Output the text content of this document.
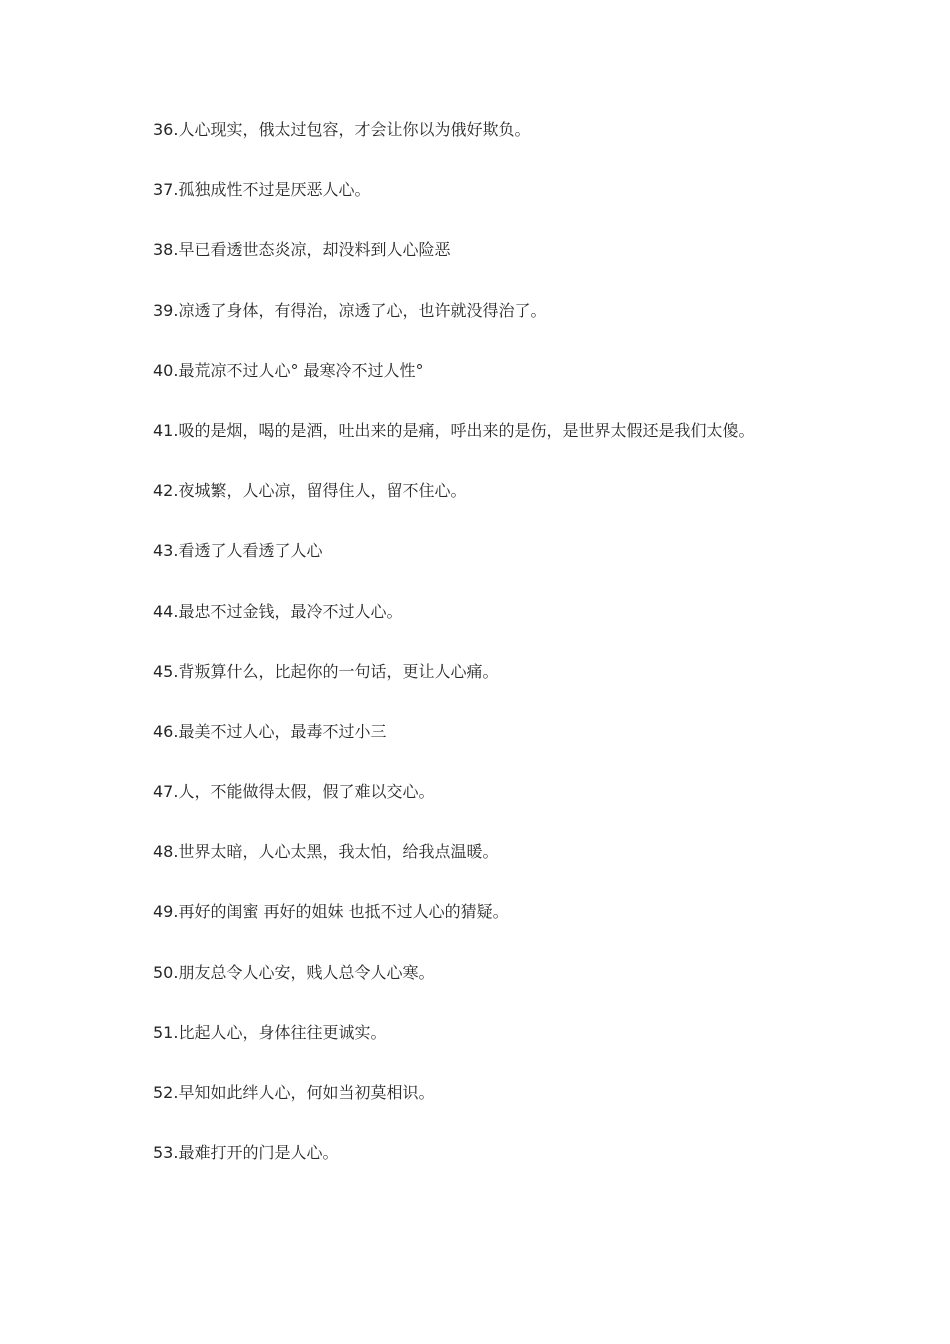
36.人心现实，俄太过包容，才会让你以为俄好欺负。
37.孤独成性不过是厌恶人心。
38.早已看透世态炎凉，却没料到人心险恶
39.凉透了身体，有得治，凉透了心，也许就没得治了。
40.最荒凉不过人心° 最寒冷不过人性°
41.吸的是烟，喝的是酒，吐出来的是痛，呼出来的是伤，是世界太假还是我们太傻。
42.夜城繁，人心凉，留得住人，留不住心。
43.看透了人看透了人心
44.最忠不过金钱，最冷不过人心。
45.背叛算什么，比起你的一句话，更让人心痛。
46.最美不过人心，最毒不过小三
47.人，不能做得太假，假了难以交心。
48.世界太暗，人心太黑，我太怕，给我点温暖。
49.再好的闺蜜 再好的姐妹 也抵不过人心的猜疑。
50.朋友总令人心安，贱人总令人心寒。
51.比起人心，身体往往更诚实。
52.早知如此绊人心，何如当初莫相识。
53.最难打开的门是人心。
